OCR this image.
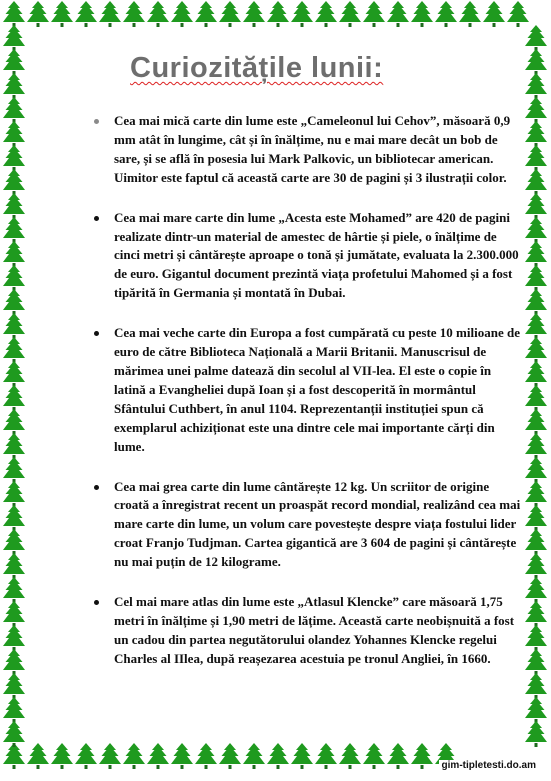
Curiozitățile lunii:
Cea mai mică carte din lume este „Cameleonul lui Cehov”, măsoară 0,9 mm atât în lungime, cât și în înălțime, nu e mai mare decât un bob de sare, și se află în posesia lui Mark Palkovic, un bibliotecar american. Uimitor este faptul că această carte are 30 de pagini și 3 ilustrații color.
Cea mai mare carte din lume „Acesta este Mohamed” are 420 de pagini realizate dintr-un material de amestec de hârtie și piele, o înălțime de cinci metri și cântărește aproape o tonă și jumătate, evaluata la 2.300.000 de euro. Gigantul document prezintă viața profetului Mahomed și a fost tipărită în Germania și montată în Dubai.
Cea mai veche carte din Europa a fost cumpărată cu peste 10 milioane de euro de către Biblioteca Națională a Marii Britanii. Manuscrisul de mărimea unei palme datează din secolul al VII-lea. El este o copie în latină a Evangheliei după Ioan și a fost descoperită în mormântul Sfântului Cuthbert, în anul 1104. Reprezentanții instituției spun că exemplarul achiziționat este una dintre cele mai importante cărți din lume.
Cea mai grea carte din lume cântărește 12 kg. Un scriitor de origine croată a înregistrat recent un proaspăt record mondial, realizând cea mai mare carte din lume, un volum care povestește despre viața fostului lider croat Franjo Tudjman. Cartea gigantică are 3 604 de pagini și cântărește nu mai puțin de 12 kilograme.
Cel mai mare atlas din lume este „Atlasul Klencke” care măsoară 1,75 metri în înălțime și 1,90 metri de lățime. Această carte neobișnuită a fost un cadou din partea negutătorului olandez Yohannes Klencke regelui Charles al IIlea, după reașezarea acestuia pe tronul Angliei, în 1660.
gim-tipletesti.do.am
